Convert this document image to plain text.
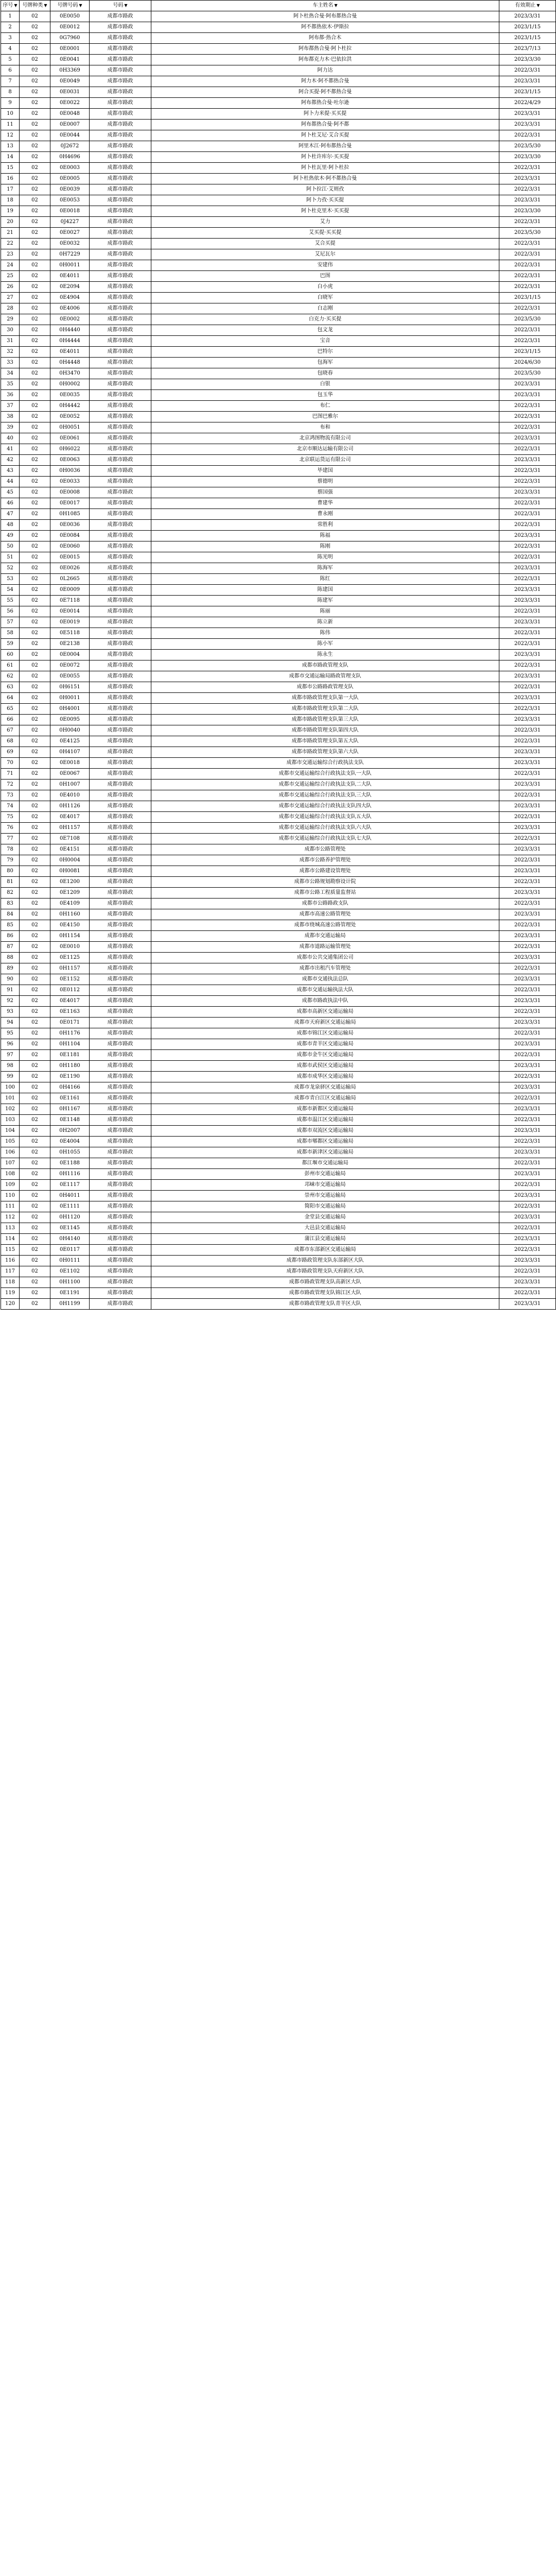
序号 ▼	号牌种类 ▼	号牌号码 ▼	号码 ▼	车主姓名 ▼	有效期止 ▼
1	02	0E0050	成都市路政	阿卜杜热合曼·阿布都热合曼	2023/3/31
2	02	0E0012	成都市路政	阿不都热依木·伊斯拉	2023/1/15
3	02	0G7960	成都市路政	阿布都·热合木	2023/1/15
4	02	0E0001	成都市路政	阿布都热合曼·阿卜杜拉	2023/7/13
5	02	0E0041	成都市路政	阿布都克力木·巴依拉洪	2023/3/30
6	02	0H3369	成都市路政	阿力达	2022/3/31
7	02	0E0049	成都市路政	阿力木·阿不都热合曼	2023/3/31
8	02	0E0031	成都市路政	阿合买提·阿不都热合曼	2023/1/15
9	02	0E0022	成都市路政	阿布都热合曼·吐尔逊	2022/4/29
10	02	0E0048	成都市路政	阿卜力米提·买买提	2023/3/31
11	02	0E0007	成都市路政	阿布都热合曼·阿不都	2023/3/31
12	02	0E0044	成都市路政	阿卜杜艾尼·艾合买提	2022/3/31
13	02	0J2672	成都市路政	阿里木江·阿布都热合曼	2023/5/30
14	02	0H4696	成都市路政	阿卜杜许库尔·买买提	2023/3/30
15	02	0E0003	成都市路政	阿卜杜瓦里·阿卜杜拉	2022/3/31
16	02	0E0005	成都市路政	阿卜杜热依木·阿不都热合曼	2023/3/31
17	02	0E0039	成都市路政	阿卜拉江·艾则孜	2022/3/31
18	02	0E0053	成都市路政	阿卜力孜·买买提	2023/3/31
19	02	0E0018	成都市路政	阿卜杜克里木·买买提	2023/3/30
20	02	0J4227	成都市路政	艾力	2022/3/31
21	02	0E0027	成都市路政	艾买提·买买提	2023/5/30
22	02	0E0032	成都市路政	艾合买提	2022/3/31
23	02	0H7229	成都市路政	艾尼瓦尔	2022/3/31
24	02	0H0011	成都市路政	安建伟	2022/3/31
25	02	0E4011	成都市路政	巴图	2022/3/31
26	02	0E2094	成都市路政	白小虎	2022/3/31
27	02	0E4904	成都市路政	白晓军	2023/1/15
28	02	0E4006	成都市路政	白志刚	2022/3/31
29	02	0E0002	成都市路政	白克力·买买提	2023/5/30
30	02	0H4440	成都市路政	包文龙	2022/3/31
31	02	0H4444	成都市路政	宝音	2022/3/31
32	02	0E4011	成都市路政	巴特尔	2023/1/15
33	02	0H4448	成都市路政	包海军	2024/6/30
34	02	0H3470	成都市路政	包晓春	2023/5/30
35	02	0H0002	成都市路政	白银	2023/3/31
36	02	0E0035	成都市路政	包玉华	2023/3/31
37	02	0H4442	成都市路政	布仁	2022/3/31
38	02	0E0052	成都市路政	巴图巴雅尔	2022/3/31
39	02	0H0051	成都市路政	布和	2022/3/31
40	02	0E0061	成都市路政	北京鸿图物流有限公司	2023/3/31
41	02	0H6022	成都市路政	北京市顺达运输有限公司	2022/3/31
42	02	0E0063	成都市路政	北京联运货运有限公司	2023/3/31
43	02	0H0036	成都市路政	毕建国	2022/3/31
44	02	0E0033	成都市路政	蔡德明	2022/3/31
45	02	0E0008	成都市路政	蔡国强	2023/3/31
46	02	0E0017	成都市路政	曹建华	2022/3/31
47	02	0H1085	成都市路政	曹永刚	2022/3/31
48	02	0E0036	成都市路政	常胜利	2022/3/31
49	02	0E0084	成都市路政	陈福	2023/3/31
50	02	0E0060	成都市路政	陈刚	2022/3/31
51	02	0E0015	成都市路政	陈光明	2022/3/31
52	02	0E0026	成都市路政	陈海军	2023/3/31
53	02	0L2665	成都市路政	陈红	2022/3/31
54	02	0E0009	成都市路政	陈建国	2023/3/31
55	02	0E7118	成都市路政	陈建军	2023/3/31
56	02	0E0014	成都市路政	陈丽	2022/3/31
57	02	0E0019	成都市路政	陈立新	2023/3/31
58	02	0E5118	成都市路政	陈伟	2022/3/31
59	02	0E2138	成都市路政	陈小军	2022/3/31
60	02	0E0004	成都市路政	陈永生	2023/3/31
61	02	0E0072	成都市路政	成都市路政管理支队	2022/3/31
62	02	0E0055	成都市路政	成都市交通运输局路政管理支队	2023/3/31
63	02	0H6151	成都市路政	成都市公路路政管理支队	2022/3/31
64	02	0H0011	成都市路政	成都市路政管理支队第一大队	2023/3/31
65	02	0H4001	成都市路政	成都市路政管理支队第二大队	2022/3/31
66	02	0E0095	成都市路政	成都市路政管理支队第三大队	2023/3/31
67	02	0H0040	成都市路政	成都市路政管理支队第四大队	2022/3/31
68	02	0E4125	成都市路政	成都市路政管理支队第五大队	2022/3/31
69	02	0H4107	成都市路政	成都市路政管理支队第六大队	2023/3/31
70	02	0E0018	成都市路政	成都市交通运输综合行政执法支队	2023/3/31
71	02	0E0067	成都市路政	成都市交通运输综合行政执法支队一大队	2022/3/31
72	02	0H1007	成都市路政	成都市交通运输综合行政执法支队二大队	2023/3/31
73	02	0E4010	成都市路政	成都市交通运输综合行政执法支队三大队	2022/3/31
74	02	0H1126	成都市路政	成都市交通运输综合行政执法支队四大队	2023/3/31
75	02	0E4017	成都市路政	成都市交通运输综合行政执法支队五大队	2022/3/31
76	02	0H1157	成都市路政	成都市交通运输综合行政执法支队六大队	2023/3/31
77	02	0E7108	成都市路政	成都市交通运输综合行政执法支队七大队	2022/3/31
78	02	0E4151	成都市路政	成都市公路管理处	2023/3/31
79	02	0H0004	成都市路政	成都市公路养护管理处	2022/3/31
80	02	0H0081	成都市路政	成都市公路建设管理处	2023/3/31
81	02	0E1200	成都市路政	成都市公路规划勘察设计院	2022/3/31
82	02	0E1209	成都市路政	成都市公路工程质量监督站	2023/3/31
83	02	0E4109	成都市路政	成都市公路路政支队	2022/3/31
84	02	0H1160	成都市路政	成都市高速公路管理处	2023/3/31
85	02	0E4150	成都市路政	成都市绕城高速公路管理处	2022/3/31
86	02	0H1154	成都市路政	成都市交通运输局	2023/3/31
87	02	0E0010	成都市路政	成都市道路运输管理处	2022/3/31
88	02	0E1125	成都市路政	成都市公共交通集团公司	2023/3/31
89	02	0H1157	成都市路政	成都市出租汽车管理处	2022/3/31
90	02	0E1152	成都市路政	成都市交通执法总队	2023/3/31
91	02	0E0112	成都市路政	成都市交通运输执法大队	2022/3/31
92	02	0E4017	成都市路政	成都市路政执法中队	2023/3/31
93	02	0E1163	成都市路政	成都市高新区交通运输局	2022/3/31
94	02	0E0171	成都市路政	成都市天府新区交通运输局	2023/3/31
95	02	0H1176	成都市路政	成都市锦江区交通运输局	2022/3/31
96	02	0H1104	成都市路政	成都市青羊区交通运输局	2023/3/31
97	02	0E1181	成都市路政	成都市金牛区交通运输局	2022/3/31
98	02	0H1180	成都市路政	成都市武侯区交通运输局	2023/3/31
99	02	0E1190	成都市路政	成都市成华区交通运输局	2022/3/31
100	02	0H4166	成都市路政	成都市龙泉驿区交通运输局	2023/3/31
101	02	0E1161	成都市路政	成都市青白江区交通运输局	2022/3/31
102	02	0H1167	成都市路政	成都市新都区交通运输局	2023/3/31
103	02	0E1148	成都市路政	成都市温江区交通运输局	2022/3/31
104	02	0H2007	成都市路政	成都市双流区交通运输局	2023/3/31
105	02	0E4004	成都市路政	成都市郫都区交通运输局	2022/3/31
106	02	0H1055	成都市路政	成都市新津区交通运输局	2023/3/31
107	02	0E1188	成都市路政	都江堰市交通运输局	2022/3/31
108	02	0H1116	成都市路政	彭州市交通运输局	2023/3/31
109	02	0E1117	成都市路政	邛崃市交通运输局	2022/3/31
110	02	0H4011	成都市路政	崇州市交通运输局	2023/3/31
111	02	0E1111	成都市路政	简阳市交通运输局	2022/3/31
112	02	0H1120	成都市路政	金堂县交通运输局	2023/3/31
113	02	0E1145	成都市路政	大邑县交通运输局	2022/3/31
114	02	0H4140	成都市路政	蒲江县交通运输局	2023/3/31
115	02	0E0117	成都市路政	成都市东部新区交通运输局	2022/3/31
116	02	0H0111	成都市路政	成都市路政管理支队东部新区大队	2023/3/31
117	02	0E1102	成都市路政	成都市路政管理支队天府新区大队	2022/3/31
118	02	0H1100	成都市路政	成都市路政管理支队高新区大队	2023/3/31
119	02	0E1191	成都市路政	成都市路政管理支队锦江区大队	2022/3/31
120	02	0H1199	成都市路政	成都市路政管理支队青羊区大队	2023/3/31
